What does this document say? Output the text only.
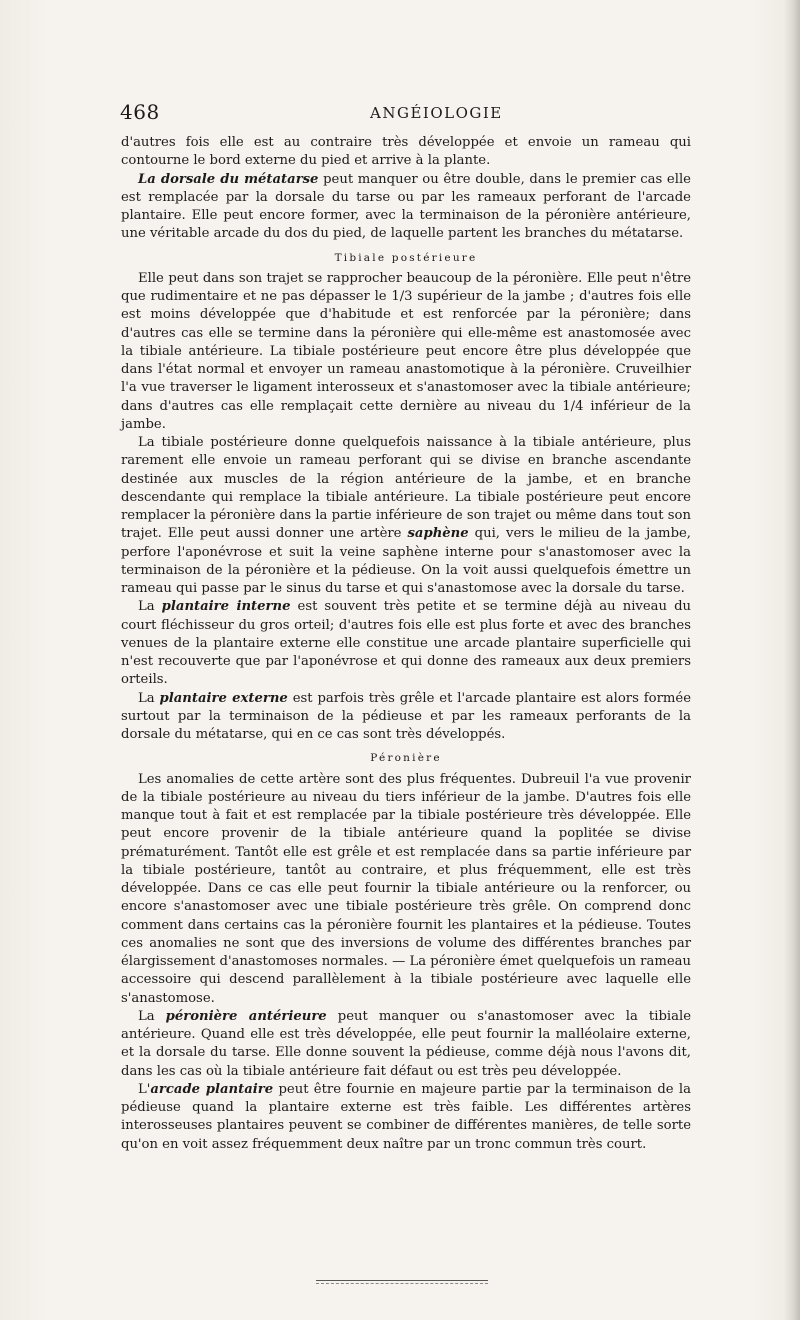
468	ANGÉIOLOGIE

d'autres fois elle est au contraire très développée et envoie un rameau qui contourne le bord externe du pied et arrive à la plante.

La dorsale du métatarse peut manquer ou être double, dans le premier cas elle est remplacée par la dorsale du tarse ou par les rameaux perforant de l'arcade plantaire. Elle peut encore former, avec la terminaison de la péronière antérieure, une véritable arcade du dos du pied, de laquelle partent les branches du métatarse.

Tibiale postérieure

Elle peut dans son trajet se rapprocher beaucoup de la péronière. Elle peut n'être que rudimentaire et ne pas dépasser le 1/3 supérieur de la jambe ; d'autres fois elle est moins développée que d'habitude et est renforcée par la péronière; dans d'autres cas elle se termine dans la péronière qui elle-même est anastomosée avec la tibiale antérieure. La tibiale postérieure peut encore être plus développée que dans l'état normal et envoyer un rameau anastomotique à la péronière. Cruveilhier l'a vue traverser le ligament interosseux et s'anastomoser avec la tibiale antérieure; dans d'autres cas elle remplaçait cette dernière au niveau du 1/4 inférieur de la jambe.

La tibiale postérieure donne quelquefois naissance à la tibiale antérieure, plus rarement elle envoie un rameau perforant qui se divise en branche ascendante destinée aux muscles de la région antérieure de la jambe, et en branche descendante qui remplace la tibiale antérieure. La tibiale postérieure peut encore remplacer la péronière dans la partie inférieure de son trajet ou même dans tout son trajet. Elle peut aussi donner une artère saphène qui, vers le milieu de la jambe, perfore l'aponévrose et suit la veine saphène interne pour s'anastomoser avec la terminaison de la péronière et la pédieuse. On la voit aussi quelquefois émettre un rameau qui passe par le sinus du tarse et qui s'anastomose avec la dorsale du tarse.

La plantaire interne est souvent très petite et se termine déjà au niveau du court fléchisseur du gros orteil; d'autres fois elle est plus forte et avec des branches venues de la plantaire externe elle constitue une arcade plantaire superficielle qui n'est recouverte que par l'aponévrose et qui donne des rameaux aux deux premiers orteils.

La plantaire externe est parfois très grêle et l'arcade plantaire est alors formée surtout par la terminaison de la pédieuse et par les rameaux perforants de la dorsale du métatarse, qui en ce cas sont très développés.

Péronière

Les anomalies de cette artère sont des plus fréquentes. Dubreuil l'a vue provenir de la tibiale postérieure au niveau du tiers inférieur de la jambe. D'autres fois elle manque tout à fait et est remplacée par la tibiale postérieure très développée. Elle peut encore provenir de la tibiale antérieure quand la poplitée se divise prématurément. Tantôt elle est grêle et est remplacée dans sa partie inférieure par la tibiale postérieure, tantôt au contraire, et plus fréquemment, elle est très développée. Dans ce cas elle peut fournir la tibiale antérieure ou la renforcer, ou encore s'anastomoser avec une tibiale postérieure très grêle. On comprend donc comment dans certains cas la péronière fournit les plantaires et la pédieuse. Toutes ces anomalies ne sont que des inversions de volume des différentes branches par élargissement d'anastomoses normales. — La péronière émet quelquefois un rameau accessoire qui descend parallèlement à la tibiale postérieure avec laquelle elle s'anastomose.

La péronière antérieure peut manquer ou s'anastomoser avec la tibiale antérieure. Quand elle est très développée, elle peut fournir la malléolaire externe, et la dorsale du tarse. Elle donne souvent la pédieuse, comme déjà nous l'avons dit, dans les cas où la tibiale antérieure fait défaut ou est très peu développée.

L'arcade plantaire peut être fournie en majeure partie par la terminaison de la pédieuse quand la plantaire externe est très faible. Les différentes artères interosseuses plantaires peuvent se combiner de différentes manières, de telle sorte qu'on en voit assez fréquemment deux naître par un tronc commun très court.
